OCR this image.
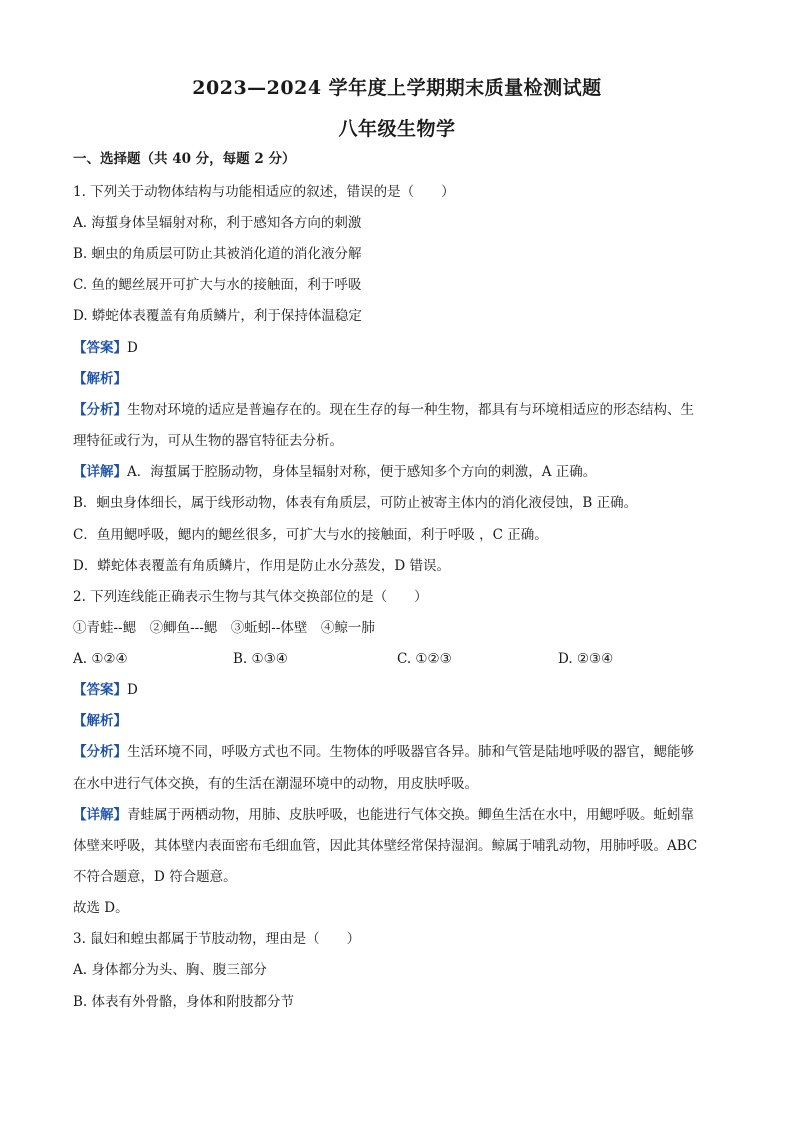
2023—2024 学年度上学期期末质量检测试题
八年级生物学
一、选择题（共 40 分，每题 2 分）
1. 下列关于动物体结构与功能相适应的叙述，错误的是（　　）
A. 海蜇身体呈辐射对称，利于感知各方向的刺激
B. 蛔虫的角质层可防止其被消化道的消化液分解
C. 鱼的鳃丝展开可扩大与水的接触面，利于呼吸
D. 蟒蛇体表覆盖有角质鳞片，利于保持体温稳定
【答案】D
【解析】
【分析】生物对环境的适应是普遍存在的。现在生存的每一种生物，都具有与环境相适应的形态结构、生
理特征或行为，可从生物的器官特征去分析。
【详解】A．海蜇属于腔肠动物，身体呈辐射对称，便于感知多个方向的刺激，A 正确。
B．蛔虫身体细长，属于线形动物，体表有角质层，可防止被寄主体内的消化液侵蚀，B 正确。
C．鱼用鳃呼吸，鳃内的鳃丝很多，可扩大与水的接触面，利于呼吸 ，C 正确。
D．蟒蛇体表覆盖有角质鳞片，作用是防止水分蒸发，D 错误。
2. 下列连线能正确表示生物与其气体交换部位的是（　　）
①青蛙--鳃　②鲫鱼---鳃　③蚯蚓--体壁　④鲸一肺
A. ①②④	B. ①③④	C. ①②③	D. ②③④
【答案】D
【解析】
【分析】生活环境不同，呼吸方式也不同。生物体的呼吸器官各异。肺和气管是陆地呼吸的器官，鳃能够
在水中进行气体交换，有的生活在潮湿环境中的动物，用皮肤呼吸。
【详解】青蛙属于两栖动物，用肺、皮肤呼吸，也能进行气体交换。鲫鱼生活在水中，用鳃呼吸。蚯蚓靠
体壁来呼吸，其体壁内表面密布毛细血管，因此其体壁经常保持湿润。鲸属于哺乳动物，用肺呼吸。ABC
不符合题意，D 符合题意。
故选 D。
3. 鼠妇和蝗虫都属于节肢动物，理由是（　　）
A. 身体都分为头、胸、腹三部分
B. 体表有外骨骼，身体和附肢都分节
